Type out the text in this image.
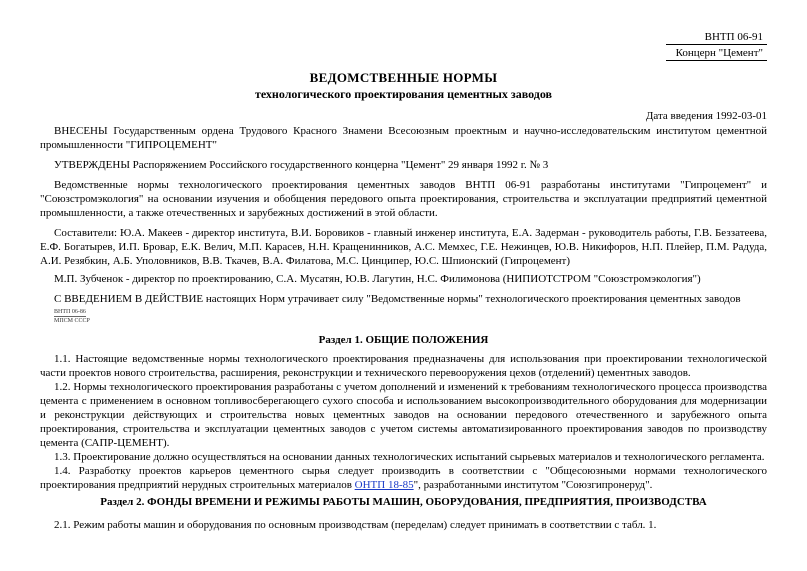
ВНТП 06-91
Концерн "Цемент"
ВЕДОМСТВЕННЫЕ НОРМЫ
технологического проектирования цементных заводов
Дата введения 1992-03-01
ВНЕСЕНЫ Государственным ордена Трудового Красного Знамени Всесоюзным проектным и научно-исследовательским институтом цементной промышленности "ГИПРОЦЕМЕНТ"
УТВЕРЖДЕНЫ Распоряжением Российского государственного концерна "Цемент" 29 января 1992 г. № 3
Ведомственные нормы технологического проектирования цементных заводов ВНТП 06-91 разработаны институтами "Гипроцемент" и "Союзстромэкология" на основании изучения и обобщения передового опыта проектирования, строительства и эксплуатации предприятий цементной промышленности, а также отечественных и зарубежных достижений в этой области.
Составители: Ю.А. Макеев - директор института, В.И. Боровиков - главный инженер института, Е.А. Задерман - руководитель работы, Г.В. Беззатеева, Е.Ф. Богатырев, И.П. Бровар, Е.К. Велич, М.П. Карасев, Н.Н. Кращенинников, А.С. Мемхес, Г.Е. Нежинцев, Ю.В. Никифоров, Н.П. Плейер, П.М. Радуда, А.И. Резябкин, А.Б. Уполовников, В.В. Ткачев, В.А. Филатова, М.С. Цинципер, Ю.С. Шпионский (Гипроцемент)
М.П. Зубченок - директор по проектированию, С.А. Мусатян, Ю.В. Лагутин, Н.С. Филимонова (НИПИОТСТРОМ "Союзстромэкология")
С ВВЕДЕНИЕМ В ДЕЙСТВИЕ настоящих Норм утрачивает силу "Ведомственные нормы" технологического проектирования цементных заводов
ВНТП 06-86
МПСМ СССР
Раздел 1. ОБЩИЕ ПОЛОЖЕНИЯ
1.1. Настоящие ведомственные нормы технологического проектирования предназначены для использования при проектировании технологической части проектов нового строительства, расширения, реконструкции и технического перевооружения цехов (отделений) цементных заводов.
1.2. Нормы технологического проектирования разработаны с учетом дополнений и изменений к требованиям технологического процесса производства цемента с применением в основном топливосберегающего сухого способа и использованием высокопроизводительного оборудования для модернизации и реконструкции действующих и строительства новых цементных заводов на основании передового отечественного и зарубежного опыта проектирования, строительства и эксплуатации цементных заводов с учетом системы автоматизированного проектирования заводов по производству цемента (САПР-ЦЕМЕНТ).
1.3. Проектирование должно осуществляться на основании данных технологических испытаний сырьевых материалов и технологического регламента.
1.4. Разработку проектов карьеров цементного сырья следует производить в соответствии с "Общесоюзными нормами технологического проектирования предприятий нерудных строительных материалов ОНТП 18-85", разработанными институтом "Союзгипронеруд".
Раздел 2. ФОНДЫ ВРЕМЕНИ И РЕЖИМЫ РАБОТЫ МАШИН, ОБОРУДОВАНИЯ, ПРЕДПРИЯТИЯ, ПРОИЗВОДСТВА
2.1. Режим работы машин и оборудования по основным производствам (переделам) следует принимать в соответствии с табл. 1.
